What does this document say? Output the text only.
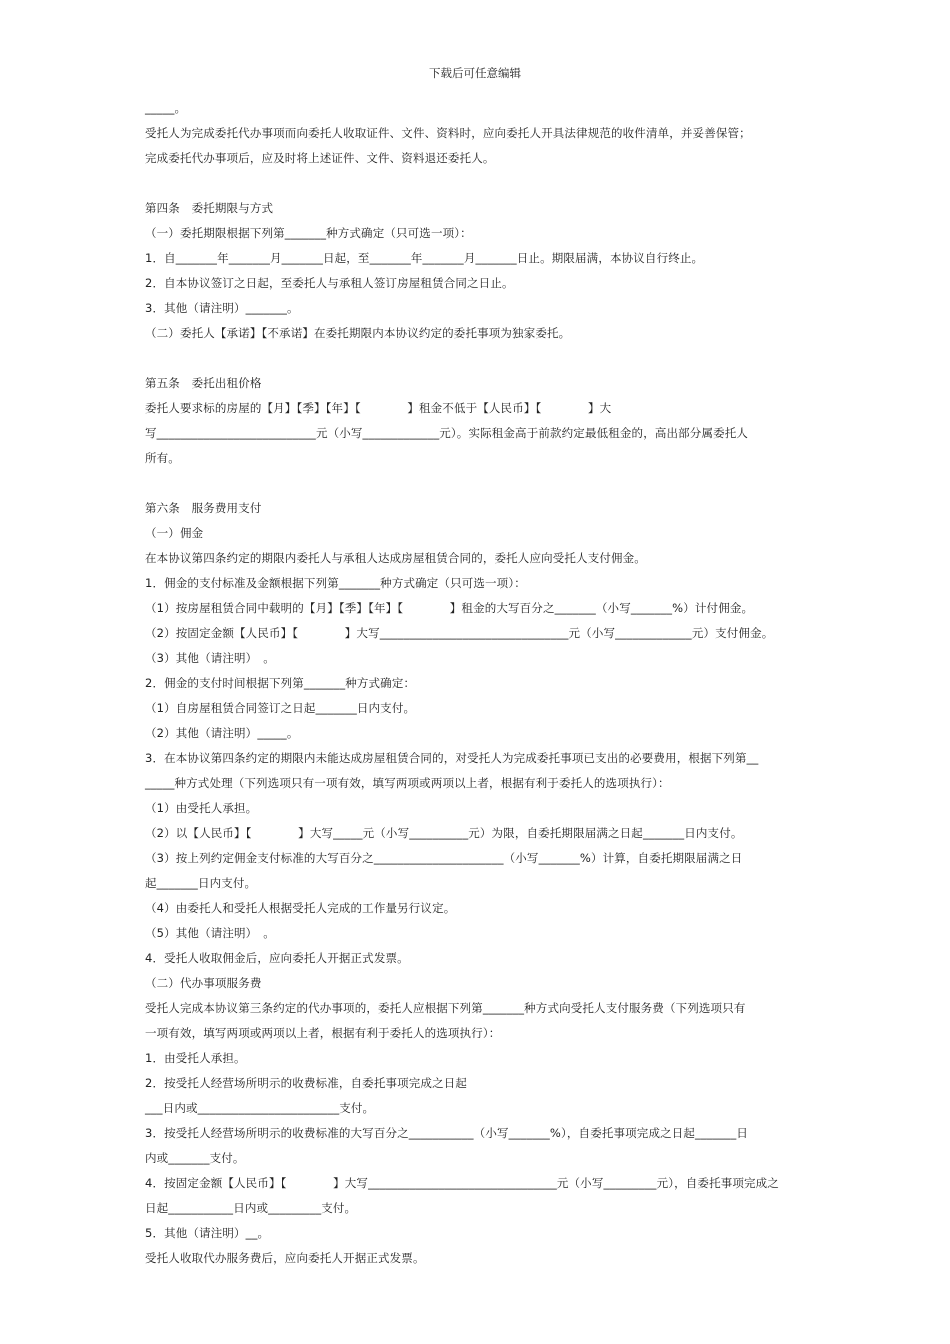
下载后可任意编辑
_____。
受托人为完成委托代办事项而向委托人收取证件、文件、资料时，应向委托人开具法律规范的收件清单，并妥善保管；
完成委托代办事项后，应及时将上述证件、文件、资料退还委托人。
第四条　委托期限与方式
（一）委托期限根据下列第_______种方式确定（只可选一项）：
1．自_______年_______月_______日起，至_______年_______月_______日止。期限届满，本协议自行终止。
2．自本协议签订之日起，至委托人与承租人签订房屋租赁合同之日止。
3．其他（请注明）_______。
（二）委托人【承诺】【不承诺】在委托期限内本协议约定的委托事项为独家委托。
第五条　委托出租价格
委托人要求标的房屋的【月】【季】【年】【　　　　】租金不低于【人民币】【　　　　】大
写___________________________元（小写_____________元）。实际租金高于前款约定最低租金的，高出部分属委托人
所有。
第六条　服务费用支付
（一）佣金
在本协议第四条约定的期限内委托人与承租人达成房屋租赁合同的，委托人应向受托人支付佣金。
1．佣金的支付标准及金额根据下列第_______种方式确定（只可选一项）：
（1）按房屋租赁合同中载明的【月】【季】【年】【　　　　】租金的大写百分之_______（小写_______%）计付佣金。
（2）按固定金额【人民币】【　　　　】大写________________________________元（小写_____________元）支付佣金。
（3）其他（请注明）　。
2．佣金的支付时间根据下列第_______种方式确定：
（1）自房屋租赁合同签订之日起_______日内支付。
（2）其他（请注明）_____。
3．在本协议第四条约定的期限内未能达成房屋租赁合同的，对受托人为完成委托事项已支出的必要费用，根据下列第__
_____种方式处理（下列选项只有一项有效，填写两项或两项以上者，根据有利于委托人的选项执行）：
（1）由受托人承担。
（2）以【人民币】【　　　　】大写_____元（小写__________元）为限，自委托期限届满之日起_______日内支付。
（3）按上列约定佣金支付标准的大写百分之______________________（小写_______%）计算，自委托期限届满之日
起_______日内支付。
（4）由委托人和受托人根据受托人完成的工作量另行议定。
（5）其他（请注明）　。
4．受托人收取佣金后，应向委托人开据正式发票。
（二）代办事项服务费
受托人完成本协议第三条约定的代办事项的，委托人应根据下列第_______种方式向受托人支付服务费（下列选项只有
一项有效，填写两项或两项以上者，根据有利于委托人的选项执行）：
1．由受托人承担。
2．按受托人经营场所明示的收费标准，自委托事项完成之日起
___日内或________________________支付。
3．按受托人经营场所明示的收费标准的大写百分之___________（小写_______%），自委托事项完成之日起_______日
内或_______支付。
4．按固定金额【人民币】【　　　　】大写________________________________元（小写_________元），自委托事项完成之
日起___________日内或_________支付。
5．其他（请注明）__。
受托人收取代办服务费后，应向委托人开据正式发票。
